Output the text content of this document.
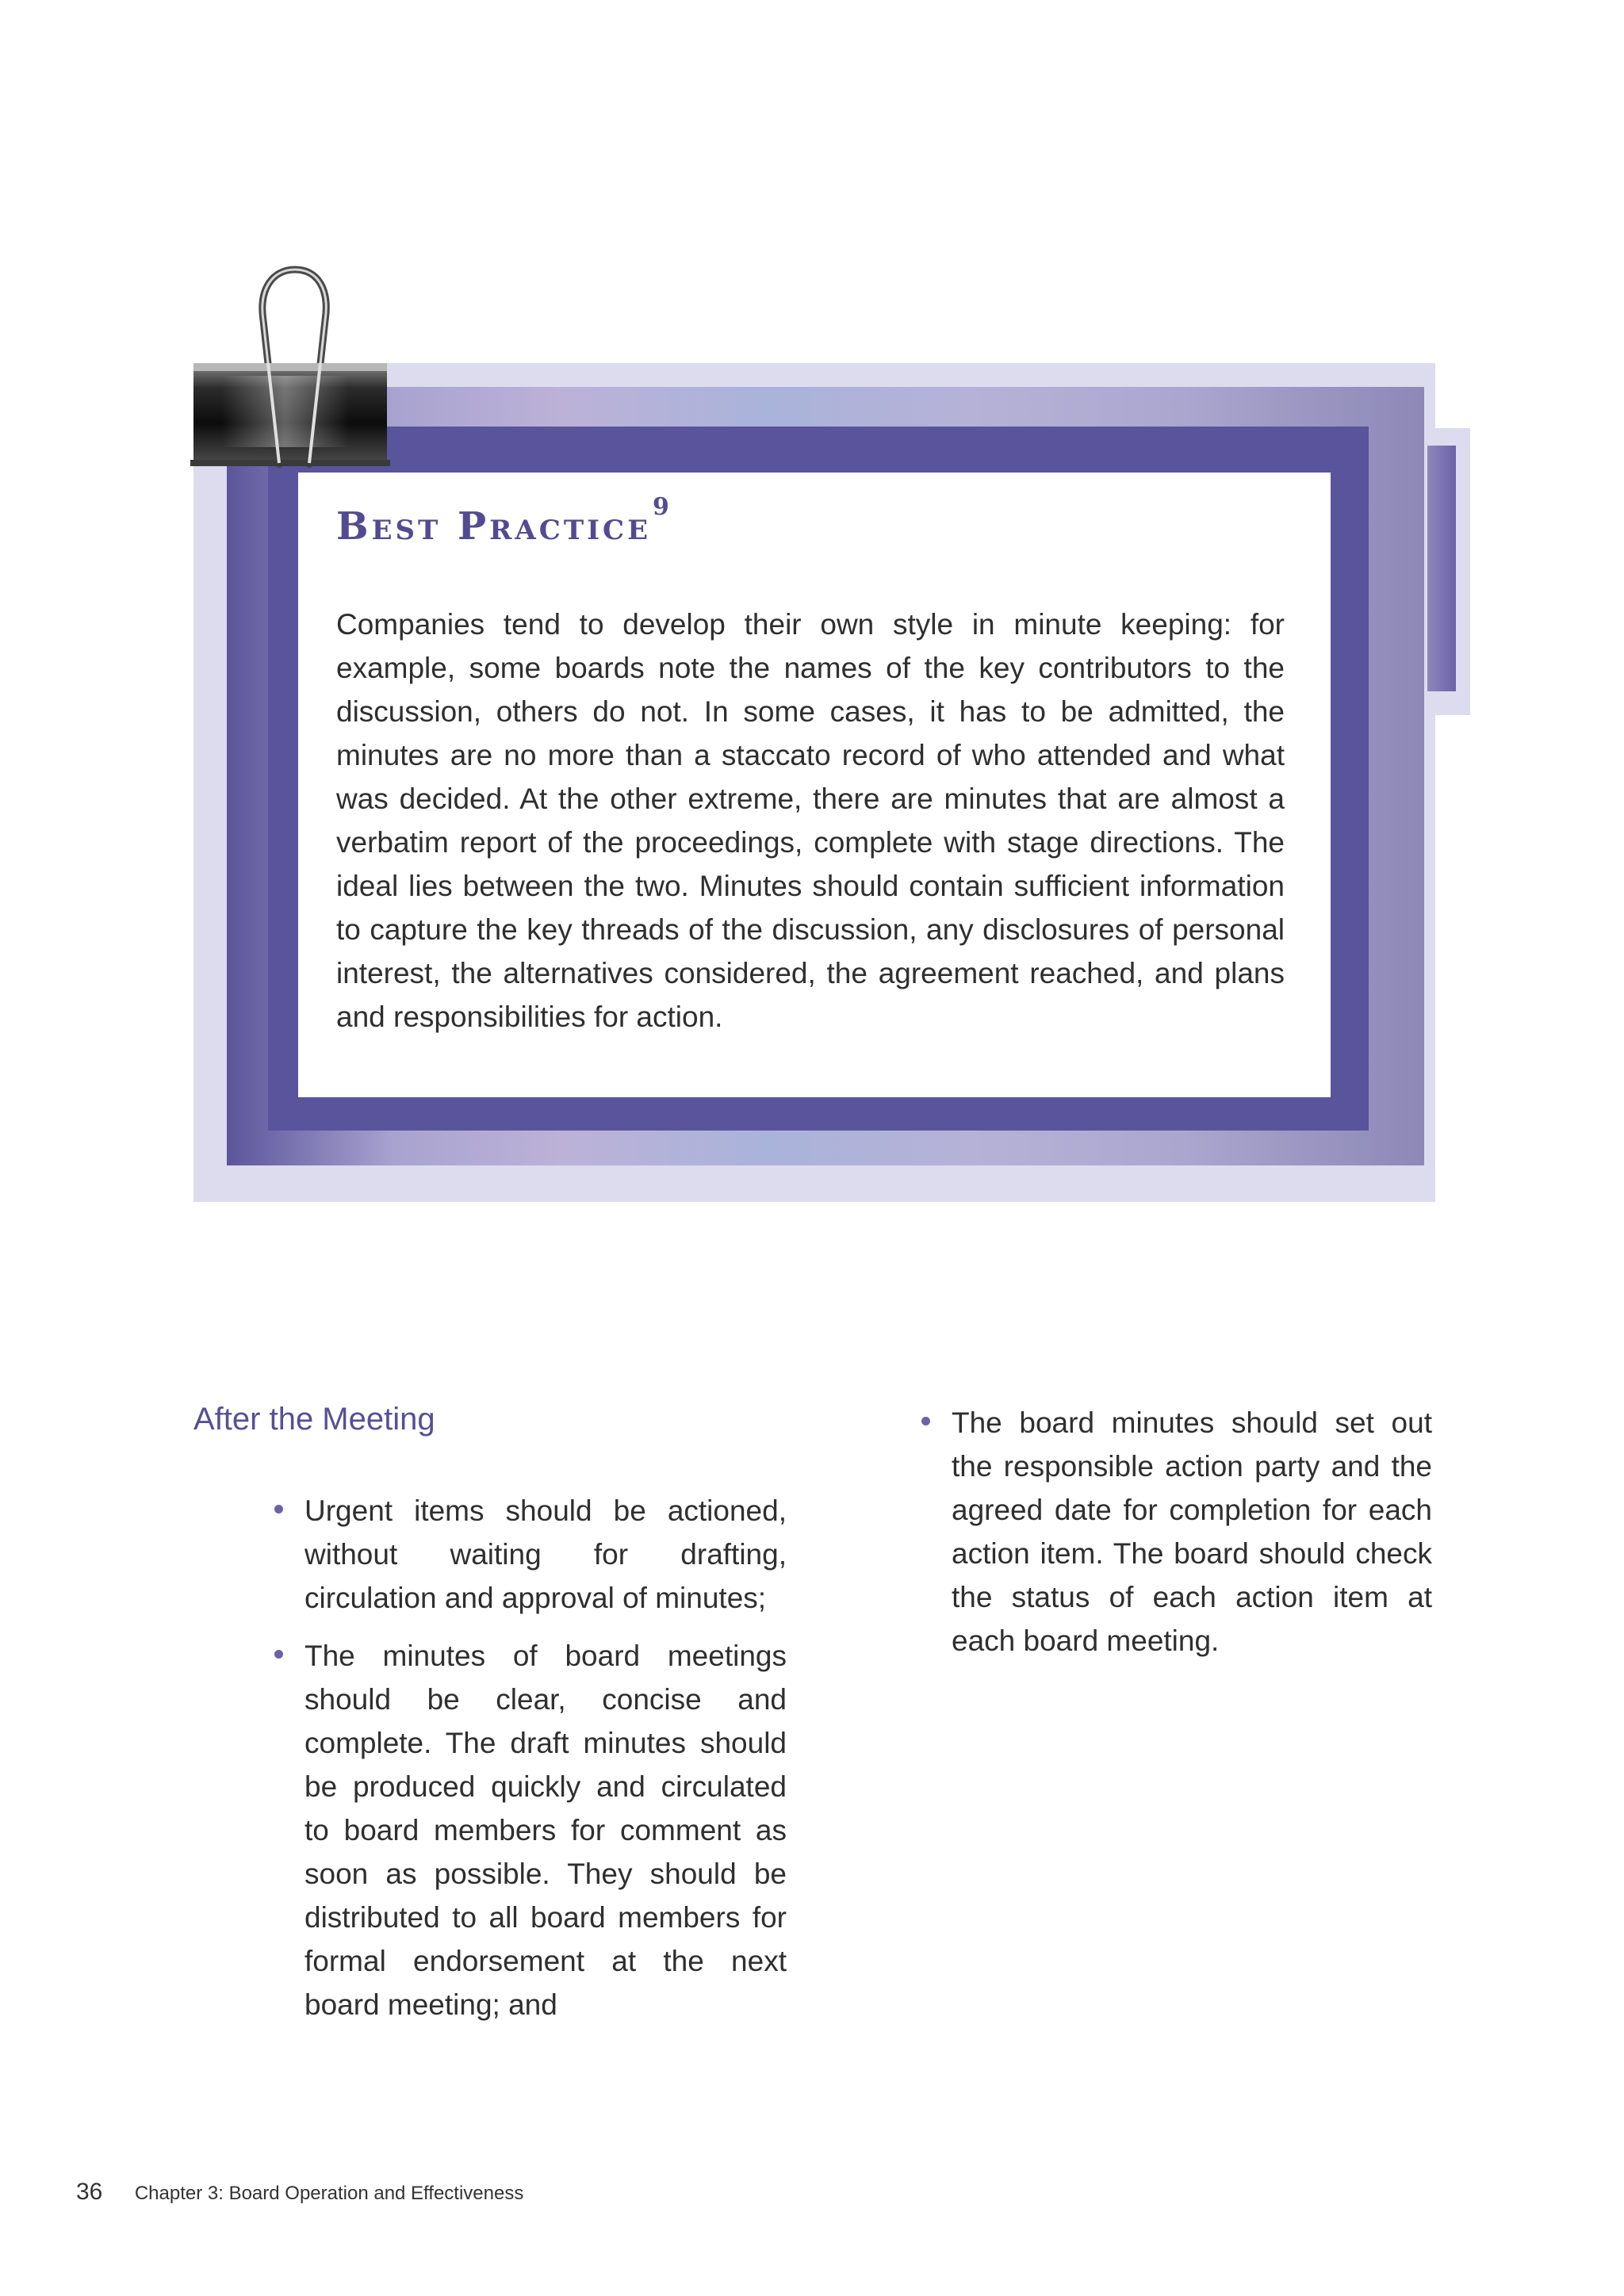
Best Practice$^9$

Companies tend to develop their own style in minute keeping: for example, some boards note the names of the key contributors to the discussion, others do not. In some cases, it has to be admitted, the minutes are no more than a staccato record of who attended and what was decided. At the other extreme, there are minutes that are almost a verbatim report of the proceedings, complete with stage directions. The ideal lies between the two. Minutes should contain sufficient information to capture the key threads of the discussion, any disclosures of personal interest, the alternatives considered, the agreement reached, and plans and responsibilities for action.

After the Meeting

Urgent items should be actioned, without waiting for drafting, circulation and approval of minutes;

The minutes of board meetings should be clear, concise and complete. The draft minutes should be produced quickly and circulated to board members for comment as soon as possible. They should be distributed to all board members for formal endorsement at the next board meeting; and

The board minutes should set out the responsible action party and the agreed date for completion for each action item. The board should check the status of each action item at each board meeting.

36 Chapter 3: Board Operation and Effectiveness
